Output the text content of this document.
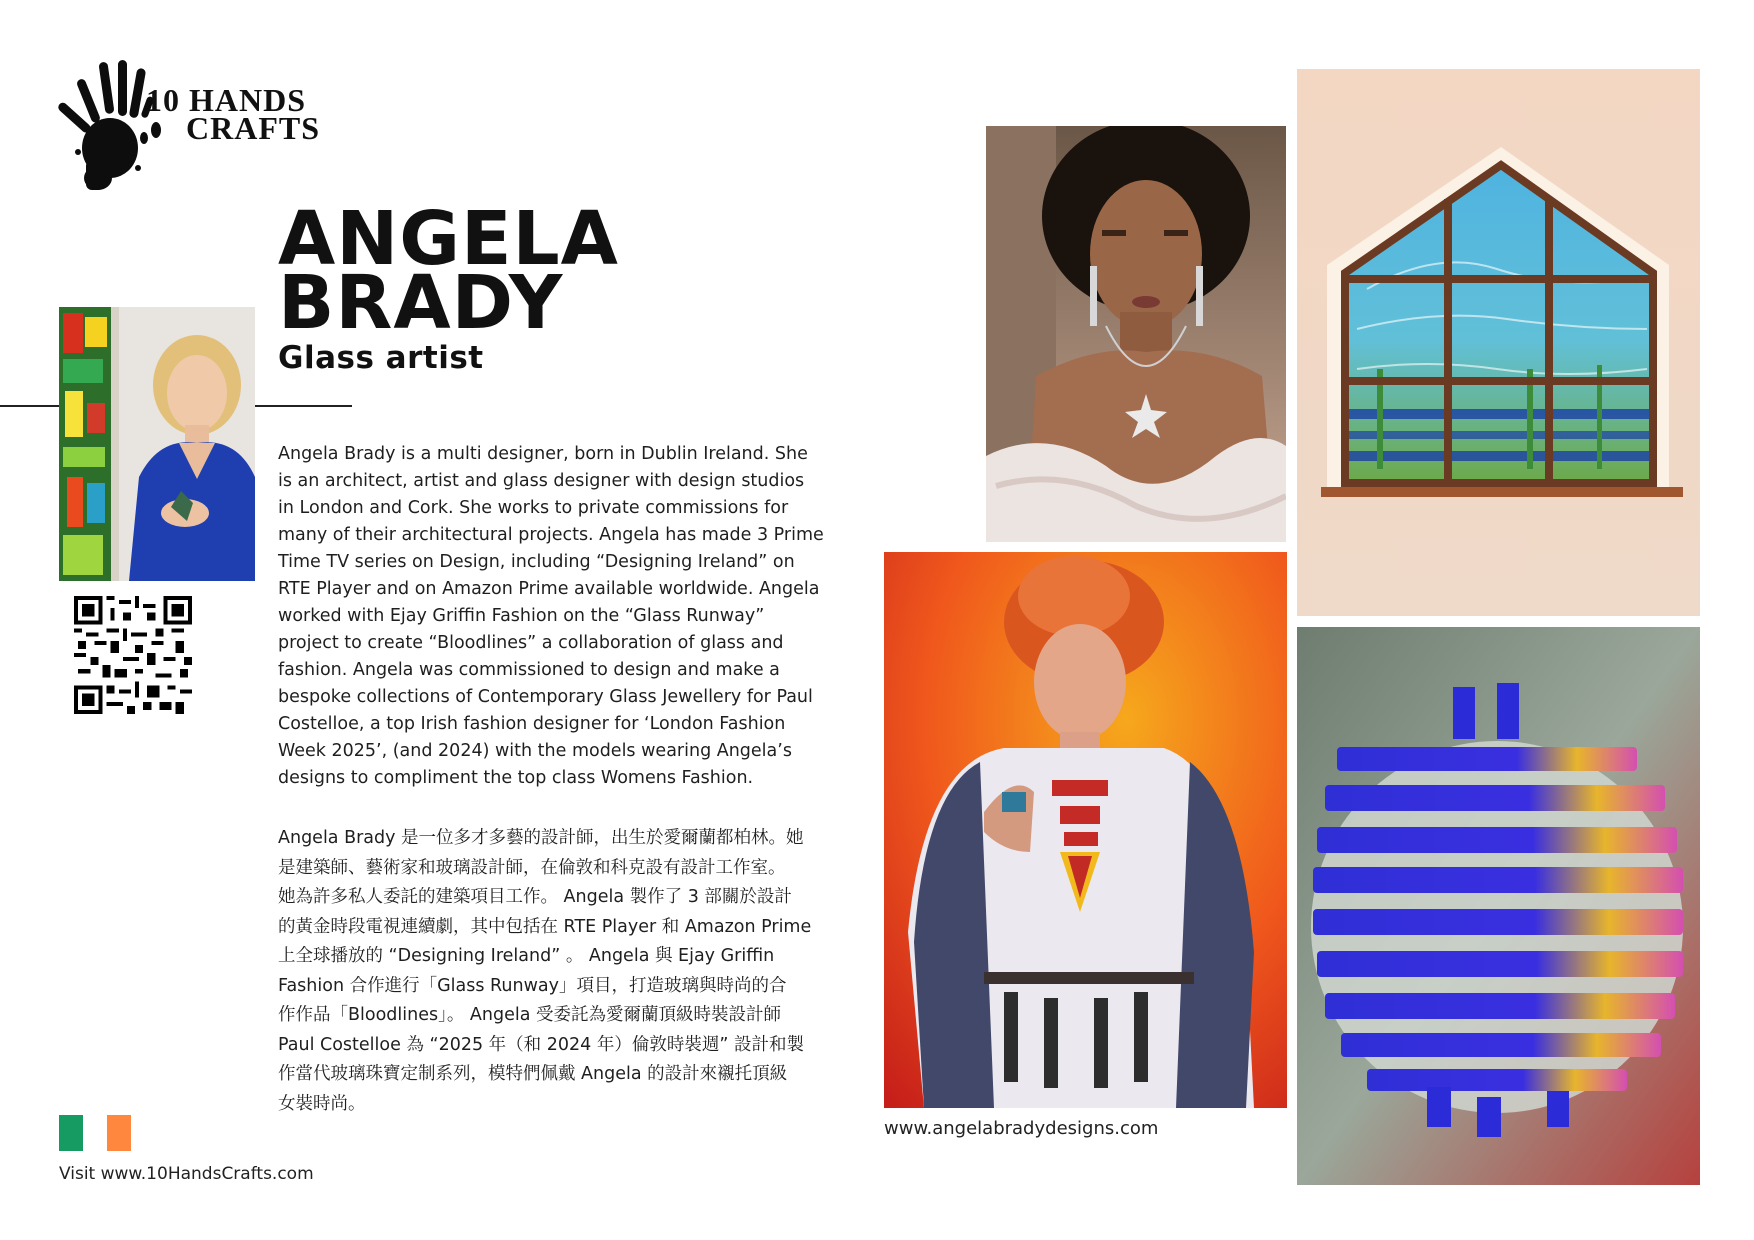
10 HANDS
CRAFTS
ANGELA
BRADY
Glass artist
Angela Brady is a multi designer, born in Dublin Ireland. She
is an architect, artist and glass designer with design studios
in London and Cork. She works to private commissions for
many of their architectural projects. Angela has made 3 Prime
Time TV series on Design, including “Designing Ireland” on
RTE Player and on Amazon Prime available worldwide. Angela
worked with Ejay Griffin Fashion on the “Glass Runway”
project to create “Bloodlines” a collaboration of glass and
fashion. Angela was commissioned to design and make a
bespoke collections of Contemporary Glass Jewellery for Paul
Costelloe, a top Irish fashion designer for ‘London Fashion
Week 2025’, (and 2024) with the models wearing Angela’s
designs to compliment the top class Womens Fashion.
Angela Brady 是一位多才多藝的設計師，出生於愛爾蘭都柏林。她
是建築師、藝術家和玻璃設計師，在倫敦和科克設有設計工作室。
她為許多私人委託的建築項目工作。 Angela 製作了 3 部關於設計
的黃金時段電視連續劇，其中包括在 RTE Player 和 Amazon Prime
上全球播放的 “Designing Ireland” 。 Angela 與 Ejay Griffin
Fashion 合作進行「Glass Runway」項目，打造玻璃與時尚的合
作作品「Bloodlines」。 Angela 受委託為愛爾蘭頂級時裝設計師
Paul Costelloe 為 “2025 年（和 2024 年）倫敦時裝週” 設計和製
作當代玻璃珠寶定制系列，模特們佩戴 Angela 的設計來襯托頂級
女裝時尚。
Visit www.10HandsCrafts.com
www.angelabradydesigns.com
